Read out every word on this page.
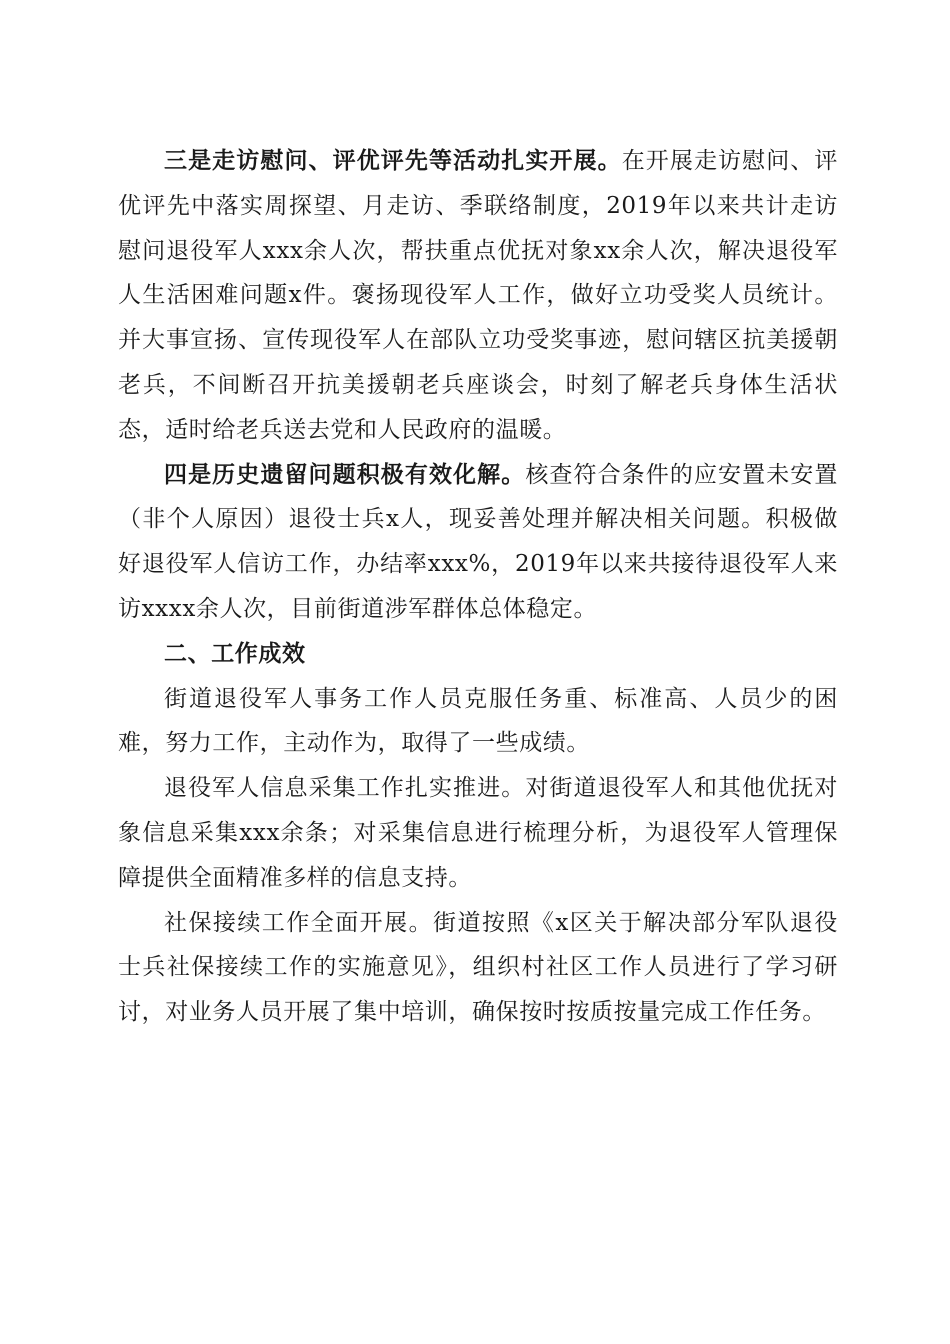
三是走访慰问、评优评先等活动扎实开展。在开展走访慰问、评优评先中落实周探望、月走访、季联络制度，2019年以来共计走访慰问退役军人xxx余人次，帮扶重点优抚对象xx余人次，解决退役军人生活困难问题x件。褒扬现役军人工作，做好立功受奖人员统计。并大事宣扬、宣传现役军人在部队立功受奖事迹，慰问辖区抗美援朝老兵，不间断召开抗美援朝老兵座谈会，时刻了解老兵身体生活状态，适时给老兵送去党和人民政府的温暖。

四是历史遗留问题积极有效化解。核查符合条件的应安置未安置（非个人原因）退役士兵x人，现妥善处理并解决相关问题。积极做好退役军人信访工作，办结率xxx%，2019年以来共接待退役军人来访xxxx余人次，目前街道涉军群体总体稳定。

二、工作成效

街道退役军人事务工作人员克服任务重、标准高、人员少的困难，努力工作，主动作为，取得了一些成绩。

退役军人信息采集工作扎实推进。对街道退役军人和其他优抚对象信息采集xxx余条；对采集信息进行梳理分析，为退役军人管理保障提供全面精准多样的信息支持。

社保接续工作全面开展。街道按照《x区关于解决部分军队退役士兵社保接续工作的实施意见》，组织村社区工作人员进行了学习研讨，对业务人员开展了集中培训，确保按时按质按量完成工作任务。
